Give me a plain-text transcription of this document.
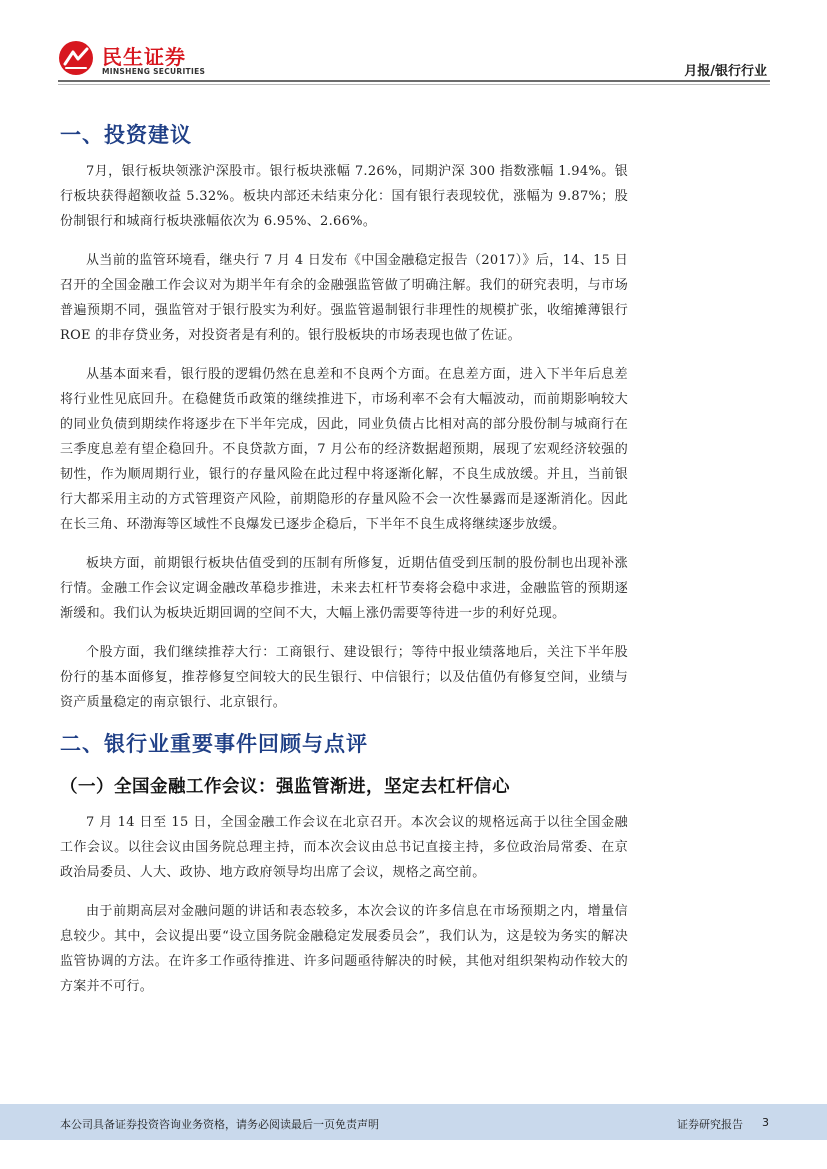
民生证券
MINSHENG SECURITIES	月报/银行行业
一、投资建议

7月，银行板块领涨沪深股市。银行板块涨幅 7.26%，同期沪深 300 指数涨幅 1.94%。银行板块获得超额收益 5.32%。板块内部还未结束分化：国有银行表现较优，涨幅为 9.87%；股份制银行和城商行板块涨幅依次为 6.95%、2.66%。

从当前的监管环境看，继央行 7 月 4 日发布《中国金融稳定报告（2017）》后，14、15 日召开的全国金融工作会议对为期半年有余的金融强监管做了明确注解。我们的研究表明，与市场普遍预期不同，强监管对于银行股实为利好。强监管遏制银行非理性的规模扩张，收缩摊薄银行 ROE 的非存贷业务，对投资者是有利的。银行股板块的市场表现也做了佐证。

从基本面来看，银行股的逻辑仍然在息差和不良两个方面。在息差方面，进入下半年后息差将行业性见底回升。在稳健货币政策的继续推进下，市场利率不会有大幅波动，而前期影响较大的同业负债到期续作将逐步在下半年完成，因此，同业负债占比相对高的部分股份制与城商行在三季度息差有望企稳回升。不良贷款方面，7 月公布的经济数据超预期，展现了宏观经济较强的韧性，作为顺周期行业，银行的存量风险在此过程中将逐渐化解，不良生成放缓。并且，当前银行大都采用主动的方式管理资产风险，前期隐形的存量风险不会一次性暴露而是逐渐消化。因此在长三角、环渤海等区域性不良爆发已逐步企稳后，下半年不良生成将继续逐步放缓。

板块方面，前期银行板块估值受到的压制有所修复，近期估值受到压制的股份制也出现补涨行情。金融工作会议定调金融改革稳步推进，未来去杠杆节奏将会稳中求进，金融监管的预期逐渐缓和。我们认为板块近期回调的空间不大，大幅上涨仍需要等待进一步的利好兑现。

个股方面，我们继续推荐大行：工商银行、建设银行；等待中报业绩落地后，关注下半年股份行的基本面修复，推荐修复空间较大的民生银行、中信银行；以及估值仍有修复空间，业绩与资产质量稳定的南京银行、北京银行。

二、银行业重要事件回顾与点评
（一）全国金融工作会议：强监管渐进，坚定去杠杆信心

7 月 14 日至 15 日，全国金融工作会议在北京召开。本次会议的规格远高于以往全国金融工作会议。以往会议由国务院总理主持，而本次会议由总书记直接主持，多位政治局常委、在京政治局委员、人大、政协、地方政府领导均出席了会议，规格之高空前。

由于前期高层对金融问题的讲话和表态较多，本次会议的许多信息在市场预期之内，增量信息较少。其中，会议提出要“设立国务院金融稳定发展委员会”，我们认为，这是较为务实的解决监管协调的方法。在许多工作亟待推进、许多问题亟待解决的时候，其他对组织架构动作较大的方案并不可行。

本公司具备证券投资咨询业务资格，请务必阅读最后一页免责声明	证券研究报告 3
